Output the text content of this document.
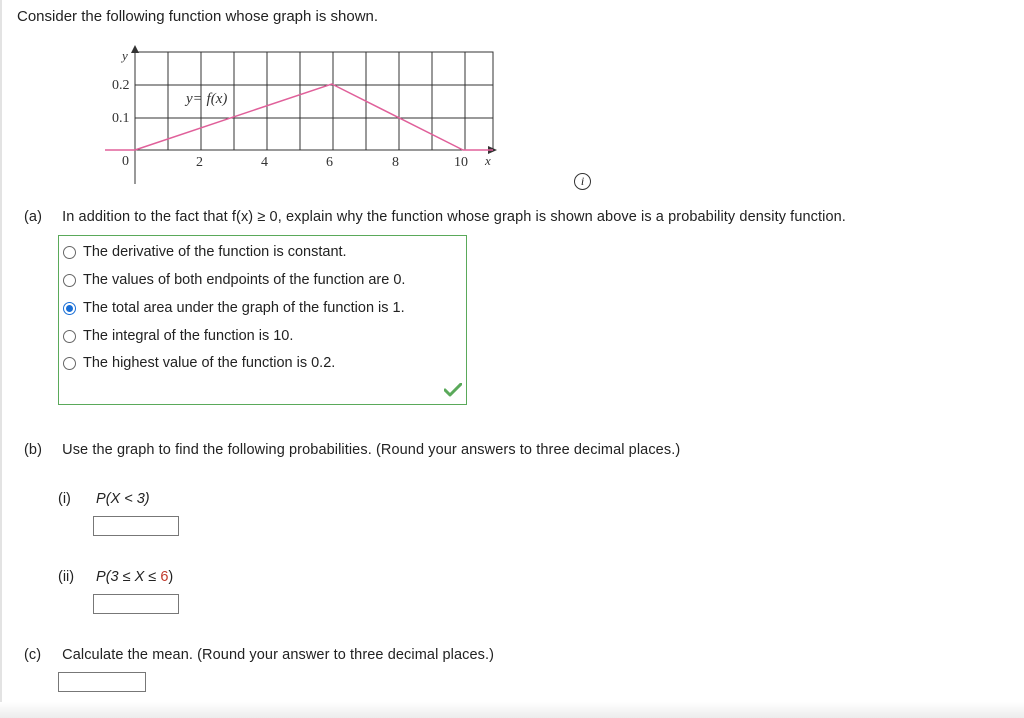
Consider the following function whose graph is shown.
y
x
0.2
0.1
0	2	4	6	8	10
y= f(x)
i
(a) In addition to the fact that f(x) ≥ 0, explain why the function whose graph is shown above is a probability density function.
The derivative of the function is constant.
The values of both endpoints of the function are 0.
The total area under the graph of the function is 1.
The integral of the function is 10.
The highest value of the function is 0.2.
(b) Use the graph to find the following probabilities. (Round your answers to three decimal places.)
(i) P(X < 3)
(ii) P(3 ≤ X ≤ 6)
(c) Calculate the mean. (Round your answer to three decimal places.)
